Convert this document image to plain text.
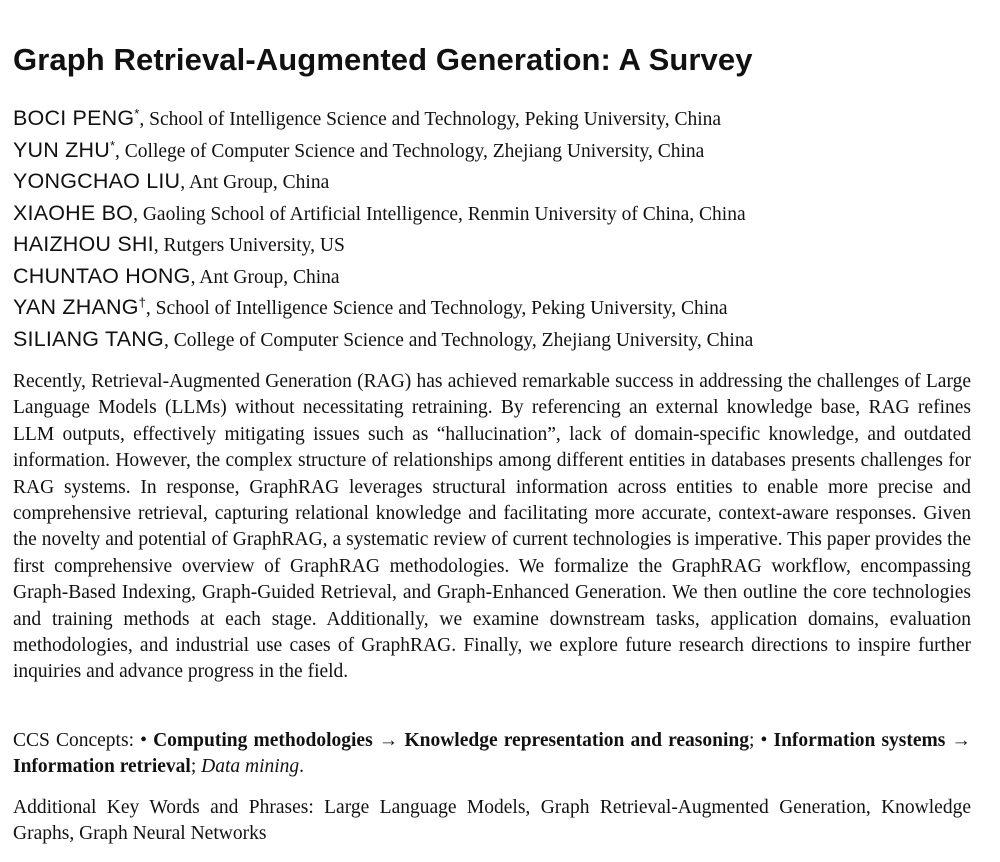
Graph Retrieval-Augmented Generation: A Survey
BOCI PENG*, School of Intelligence Science and Technology, Peking University, China
YUN ZHU*, College of Computer Science and Technology, Zhejiang University, China
YONGCHAO LIU, Ant Group, China
XIAOHE BO, Gaoling School of Artificial Intelligence, Renmin University of China, China
HAIZHOU SHI, Rutgers University, US
CHUNTAO HONG, Ant Group, China
YAN ZHANG†, School of Intelligence Science and Technology, Peking University, China
SILIANG TANG, College of Computer Science and Technology, Zhejiang University, China

Recently, Retrieval-Augmented Generation (RAG) has achieved remarkable success in addressing the challenges of Large Language Models (LLMs) without necessitating retraining. By referencing an external knowledge base, RAG refines LLM outputs, effectively mitigating issues such as “hallucination”, lack of domain-specific knowledge, and outdated information. However, the complex structure of relationships among different entities in databases presents challenges for RAG systems. In response, GraphRAG leverages structural information across entities to enable more precise and comprehensive retrieval, capturing relational knowledge and facilitating more accurate, context-aware responses. Given the novelty and potential of GraphRAG, a systematic review of current technologies is imperative. This paper provides the first comprehensive overview of GraphRAG methodologies. We formalize the GraphRAG workflow, encompassing Graph-Based Indexing, Graph-Guided Retrieval, and Graph-Enhanced Generation. We then outline the core technologies and training methods at each stage. Additionally, we examine downstream tasks, application domains, evaluation methodologies, and industrial use cases of GraphRAG. Finally, we explore future research directions to inspire further inquiries and advance progress in the field.

CCS Concepts: • Computing methodologies → Knowledge representation and reasoning; • Information systems → Information retrieval; Data mining.

Additional Key Words and Phrases: Large Language Models, Graph Retrieval-Augmented Generation, Knowledge Graphs, Graph Neural Networks
